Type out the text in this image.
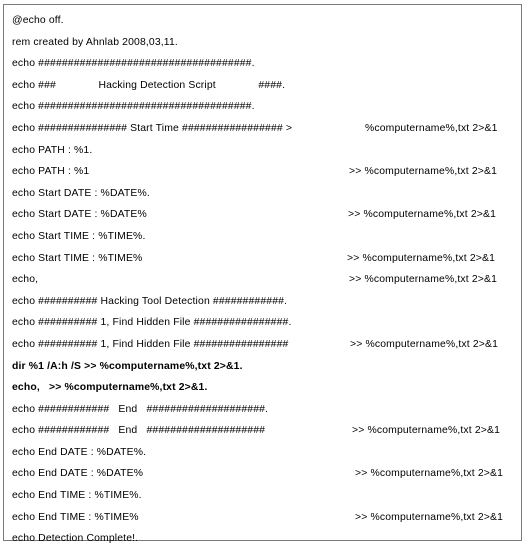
@echo off.
rem created by Ahnlab 2008,03,11.
echo ####################################.
echo ###              Hacking Detection Script              ####.
echo ####################################.
echo ############### Start Time ################# >	%computername%,txt 2>&1
echo PATH : %1.
echo PATH : %1	>> %computername%,txt 2>&1
echo Start DATE : %DATE%.
echo Start DATE : %DATE%	>> %computername%,txt 2>&1
echo Start TIME : %TIME%.
echo Start TIME : %TIME%	>> %computername%,txt 2>&1
echo,	>> %computername%,txt 2>&1
echo ########## Hacking Tool Detection ############.
echo ########## 1, Find Hidden File ################.
echo ########## 1, Find Hidden File ################	>> %computername%,txt 2>&1
dir %1 /A:h /S >> %computername%,txt 2>&1.
echo,   >> %computername%,txt 2>&1.
echo ############   End   ####################.
echo ############   End   ####################	>> %computername%,txt 2>&1
echo End DATE : %DATE%.
echo End DATE : %DATE%	>> %computername%,txt 2>&1
echo End TIME : %TIME%.
echo End TIME : %TIME%	>> %computername%,txt 2>&1
echo Detection Complete!.
